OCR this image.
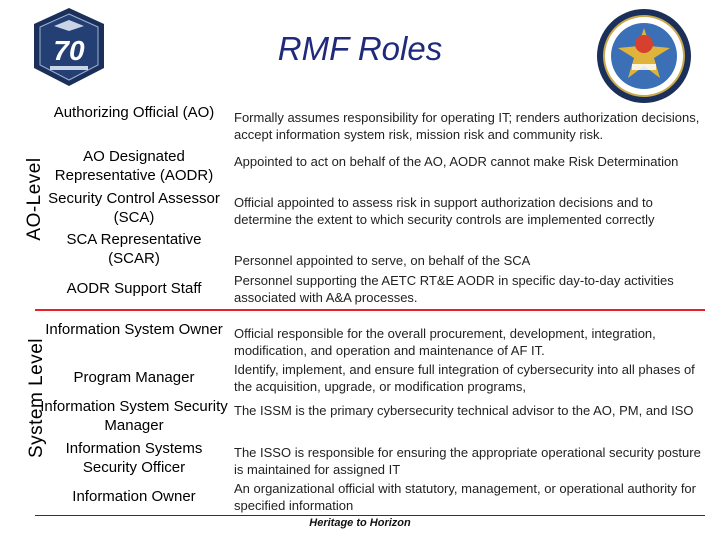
RMF Roles
70
AO-Level
System Level
Authorizing Official (AO)
AO Designated Representative (AODR)
Security Control Assessor (SCA)
SCA Representative (SCAR)
AODR Support Staff
Information System Owner
Program Manager
Information System Security Manager
Information Systems Security Officer
Information Owner
Formally assumes responsibility for operating IT; renders authorization decisions, accept information system risk, mission risk and community risk.
Appointed to act on behalf of the AO, AODR cannot make Risk Determination
Official appointed to assess risk in support authorization decisions and to determine the extent to which security controls are implemented correctly
Personnel appointed to serve, on behalf of the SCA
Personnel supporting the AETC RT&E AODR in specific day-to-day activities associated with A&A processes.
Official responsible for the overall procurement, development, integration, modification, and operation and maintenance of AF IT.
Identify, implement, and ensure full integration of cybersecurity into all phases of the acquisition, upgrade, or modification programs,
The ISSM is the primary cybersecurity technical advisor to the AO, PM, and ISO
The ISSO is responsible for ensuring the appropriate operational security posture is maintained for assigned IT
An organizational official with statutory, management, or operational authority for specified information
Heritage to Horizon
